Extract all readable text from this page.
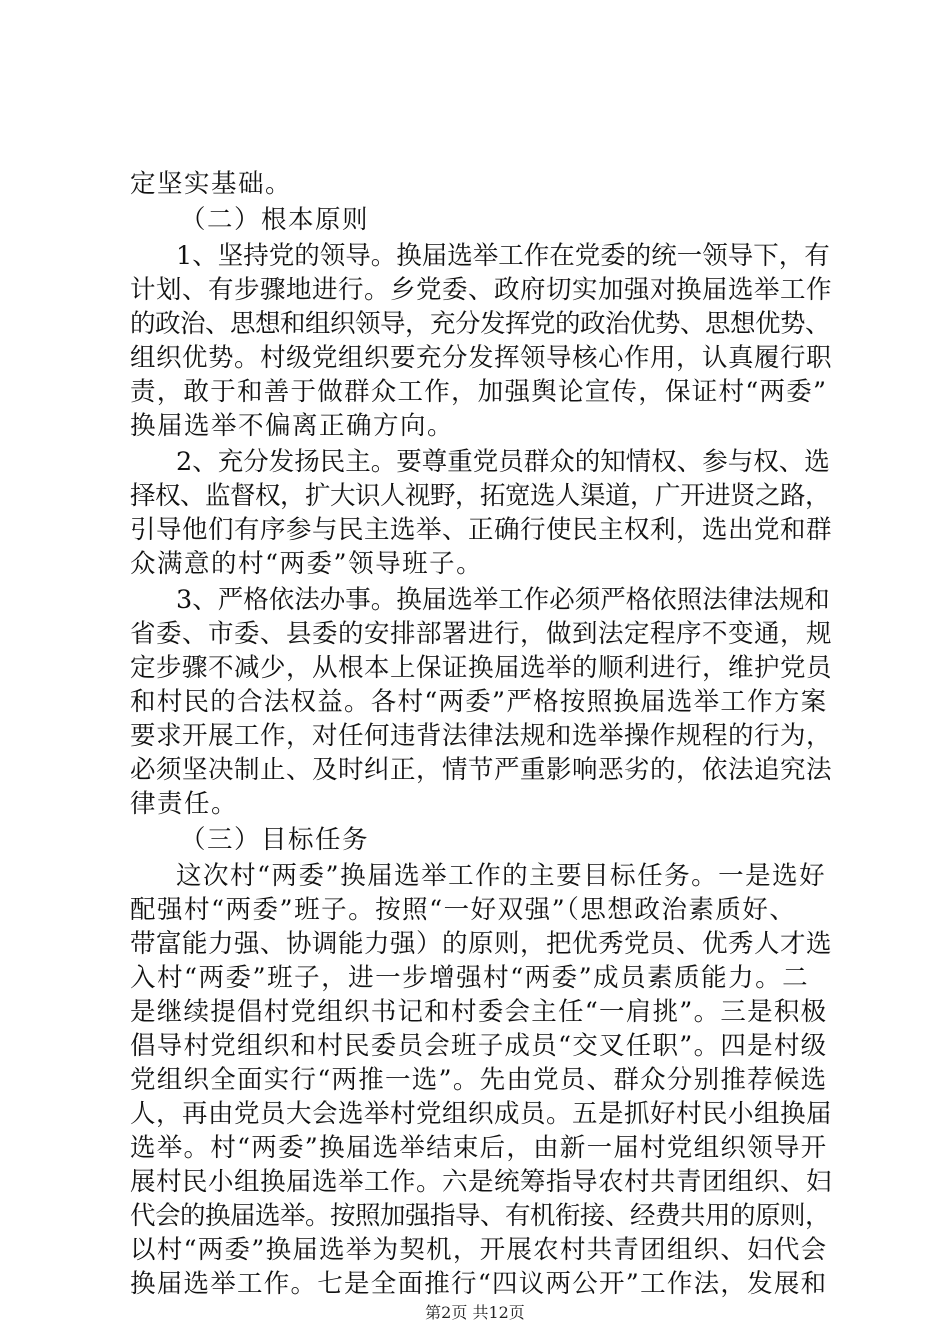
定坚实基础。
（二）根本原则
1、坚持党的领导。换届选举工作在党委的统一领导下，有
计划、有步骤地进行。乡党委、政府切实加强对换届选举工作
的政治、思想和组织领导，充分发挥党的政治优势、思想优势、
组织优势。村级党组织要充分发挥领导核心作用，认真履行职
责，敢于和善于做群众工作，加强舆论宣传，保证村“两委”
换届选举不偏离正确方向。
2、充分发扬民主。要尊重党员群众的知情权、参与权、选
择权、监督权，扩大识人视野，拓宽选人渠道，广开进贤之路，
引导他们有序参与民主选举、正确行使民主权利，选出党和群
众满意的村“两委”领导班子。
3、严格依法办事。换届选举工作必须严格依照法律法规和
省委、市委、县委的安排部署进行，做到法定程序不变通，规
定步骤不减少，从根本上保证换届选举的顺利进行，维护党员
和村民的合法权益。各村“两委”严格按照换届选举工作方案
要求开展工作，对任何违背法律法规和选举操作规程的行为，
必须坚决制止、及时纠正，情节严重影响恶劣的，依法追究法
律责任。
（三）目标任务
这次村“两委”换届选举工作的主要目标任务。一是选好
配强村“两委”班子。按照“一好双强”（思想政治素质好、
带富能力强、协调能力强）的原则，把优秀党员、优秀人才选
入村“两委”班子，进一步增强村“两委”成员素质能力。二
是继续提倡村党组织书记和村委会主任“一肩挑”。三是积极
倡导村党组织和村民委员会班子成员“交叉任职”。四是村级
党组织全面实行“两推一选”。先由党员、群众分别推荐候选
人，再由党员大会选举村党组织成员。五是抓好村民小组换届
选举。村“两委”换届选举结束后，由新一届村党组织领导开
展村民小组换届选举工作。六是统筹指导农村共青团组织、妇
代会的换届选举。按照加强指导、有机衔接、经费共用的原则，
以村“两委”换届选举为契机，开展农村共青团组织、妇代会
换届选举工作。七是全面推行“四议两公开”工作法，发展和
第2页 共12页
